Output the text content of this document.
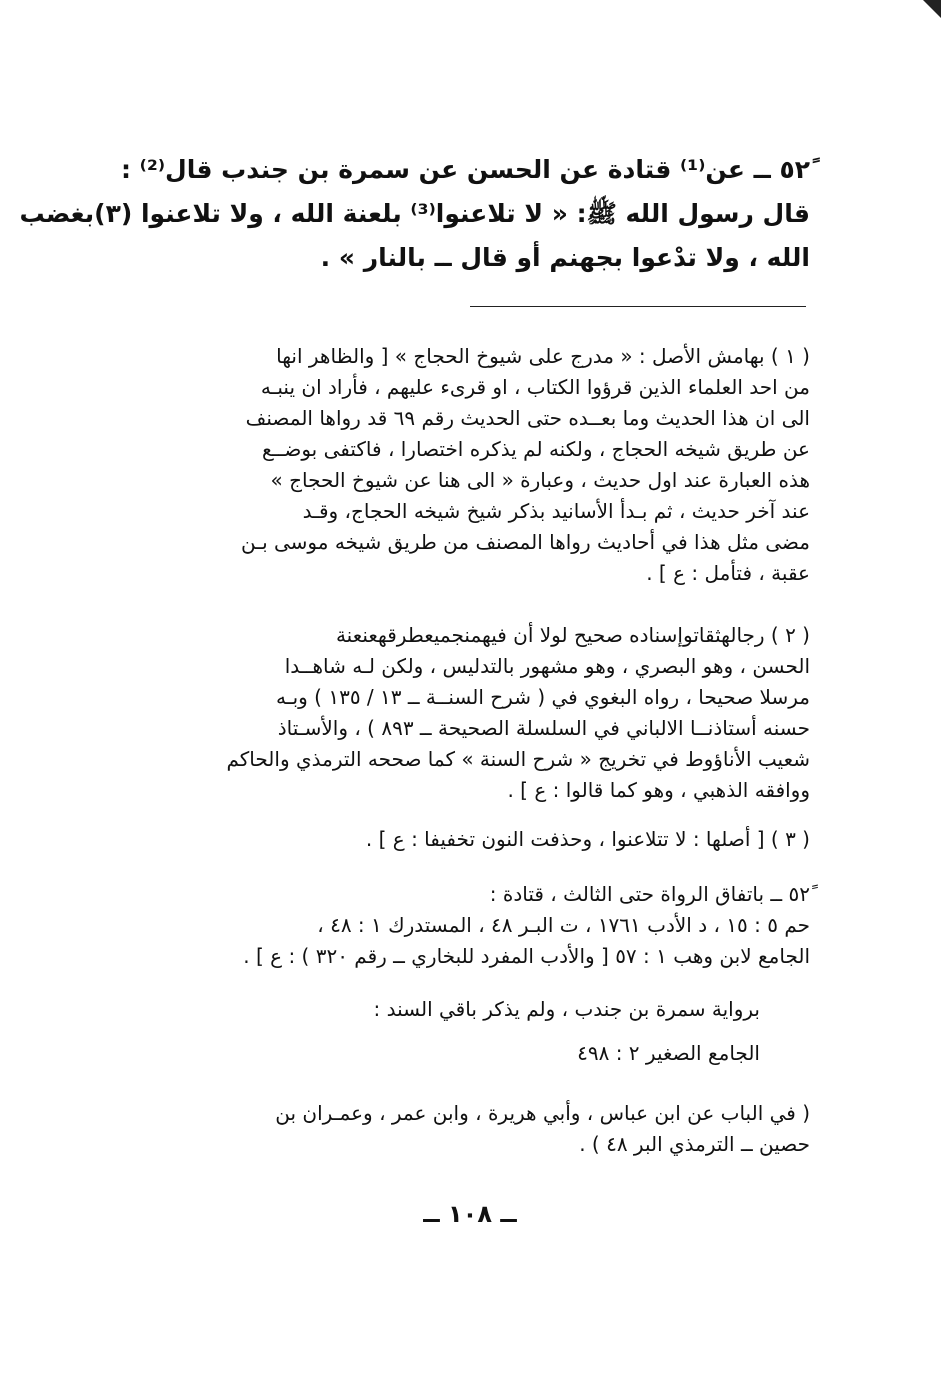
٥٢ً ــ عن⁽¹⁾ قتادة عن الحسن عن سمرة بن جندب قال⁽²⁾ :
قال رسول الله ﷺ: « لا تلاعنوا⁽³⁾ بلعنة الله ، ولا تلاعنوا (٣)بغضب
الله ، ولا تدْعوا بجهنم أو قال ــ بالنار » .
( ١ ) بهامش الأصل : « مدرج على شيوخ الحجاج » [ والظاهر انها
من احد العلماء الذين قرؤوا الكتاب ، او قرىء عليهم ، فأراد ان ينبـه
الى ان هذا الحديث وما بعــده حتى الحديث رقم ٦٩ قد رواها المصنف
عن طريق شيخه الحجاج ، ولكنه لم يذكره اختصارا ، فاكتفى بوضــع
هذه العبارة عند اول حديث ، وعبارة « الى هنا عن شيوخ الحجاج »
عند آخر حديث ، ثم بـدأ الأسانيد بذكر شيخ شيخه الحجاج، وقـد
مضى مثل هذا في أحاديث رواها المصنف من طريق شيخه موسى بـن
عقبة ، فتأمل : ع ] .
( ٢ ) رجالهثقاتوإسناده صحيح لولا أن فيهمنجميعطرقهعنعنة
الحسن ، وهو البصري ، وهو مشهور بالتدليس ، ولكن لـه شاهــدا
مرسلا صحيحا ، رواه البغوي في ( شرح السنــة ــ ١٣ / ١٣٥ ) وبـه
حسنه أستاذنــا الالباني في السلسلة الصحيحة ــ ٨٩٣ ) ، والأسـتاذ
شعيب الأناؤوط في تخريج « شرح السنة » كما صححه الترمذي والحاكم
ووافقه الذهبي ، وهو كما قالوا : ع ] .
( ٣ ) [ أصلها : لا تتلاعنوا ، وحذفت النون تخفيفا : ع ] .
٥٢ً ــ باتفاق الرواة حتى الثالث ، قتادة :
حم ٥ : ١٥ ، د الأدب ١٧٦١ ، ت البـر ٤٨ ، المستدرك ١ : ٤٨ ،
الجامع لابن وهب ١ : ٥٧ [ والأدب المفرد للبخاري ــ رقم ٣٢٠ ) : ع ] .
برواية سمرة بن جندب ، ولم يذكر باقي السند :
الجامع الصغير ٢ : ٤٩٨
( في الباب عن ابن عباس ، وأبي هريرة ، وابن عمر ، وعمـران بن
حصين ــ الترمذي البر ٤٨ ) .
ــ ١٠٨ ــ
